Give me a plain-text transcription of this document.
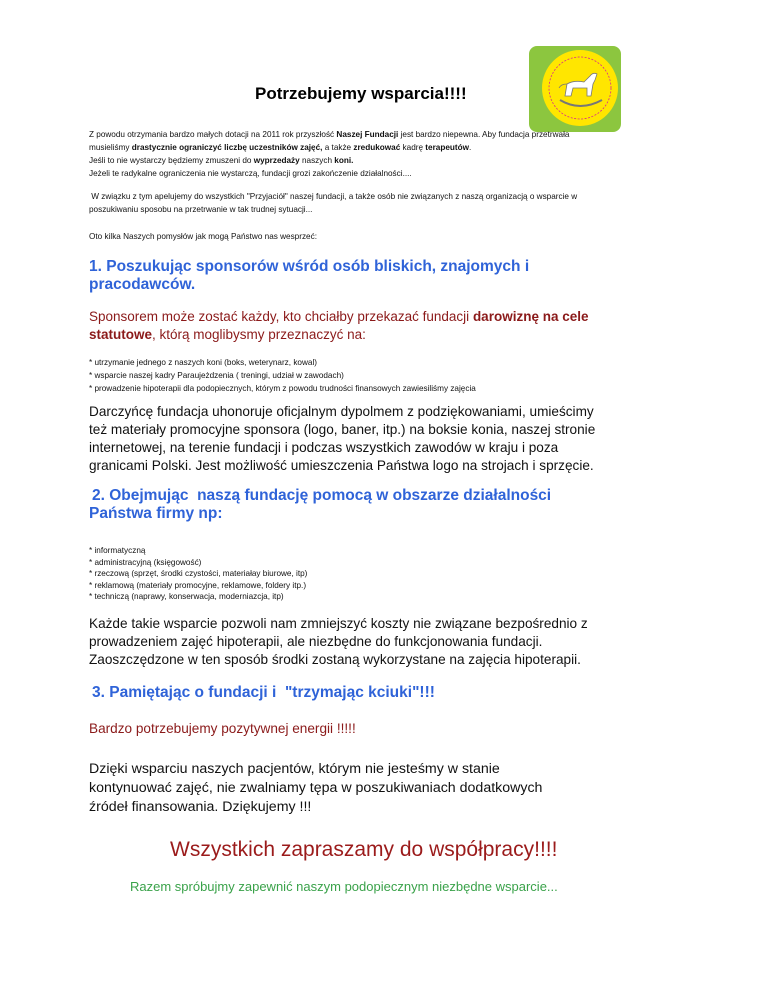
Potrzebujemy wsparcia!!!!
Z powodu otrzymania bardzo małych dotacji na 2011 rok przyszłość Naszej Fundacji jest bardzo niepewna. Aby fundacja przetrwała
musieliśmy drastycznie ograniczyć liczbę uczestników zajęć, a także zredukować kadrę terapeutów.
Jeśli to nie wystarczy będziemy zmuszeni do wyprzedaży naszych koni.
Jeżeli te radykalne ograniczenia nie wystarczą, fundacji grozi zakończenie działalności....
W związku z tym apelujemy do wszystkich "Przyjaciół" naszej fundacji, a także osób nie związanych z naszą organizacją o wsparcie w
poszukiwaniu sposobu na przetrwanie w tak trudnej sytuacji...
Oto kilka Naszych pomysłów jak mogą Państwo nas wesprzeć:
1. Poszukując sponsorów wśród osób bliskich, znajomych i
pracodawców.
Sponsorem może zostać każdy, kto chciałby przekazać fundacji darowiznę na cele
statutowe, którą moglibysmy przeznaczyć na:
* utrzymanie jednego z naszych koni (boks, weterynarz, kowal)
* wsparcie naszej kadry Paraujeżdzenia ( treningi, udział w zawodach)
* prowadzenie hipoterapii dla podopiecznych, którym z powodu trudności finansowych zawiesiliśmy zajęcia
Darczyńcę fundacja uhonoruje oficjalnym dypolmem z podziękowaniami, umieścimy
też materiały promocyjne sponsora (logo, baner, itp.) na boksie konia, naszej stronie
internetowej, na terenie fundacji i podczas wszystkich zawodów w kraju i poza
granicami Polski. Jest możliwość umieszczenia Państwa logo na strojach i sprzęcie.
2. Obejmując  naszą fundację pomocą w obszarze działalności
Państwa firmy np:
* informatyczną
* administracyjną (księgowość)
* rzeczową (sprzęt, środki czystości, materiałay biurowe, itp)
* reklamową (materiały promocyjne, reklamowe, foldery itp.)
* techniczą (naprawy, konserwacja, moderniazcja, itp)
Każde takie wsparcie pozwoli nam zmniejszyć koszty nie związane bezpośrednio z
prowadzeniem zajęć hipoterapii, ale niezbędne do funkcjonowania fundacji.
Zaoszczędzone w ten sposób środki zostaną wykorzystane na zajęcia hipoterapii.
3. Pamiętając o fundacji i  "trzymając kciuki"!!!
Bardzo potrzebujemy pozytywnej energii !!!!!
Dzięki wsparciu naszych pacjentów, którym nie jesteśmy w stanie
kontynuować zajęć, nie zwalniamy tępa w poszukiwaniach dodatkowych
źródeł finansowania. Dziękujemy !!!
Wszystkich zapraszamy do współpracy!!!!
Razem spróbujmy zapewnić naszym podopiecznym niezbędne wsparcie...
